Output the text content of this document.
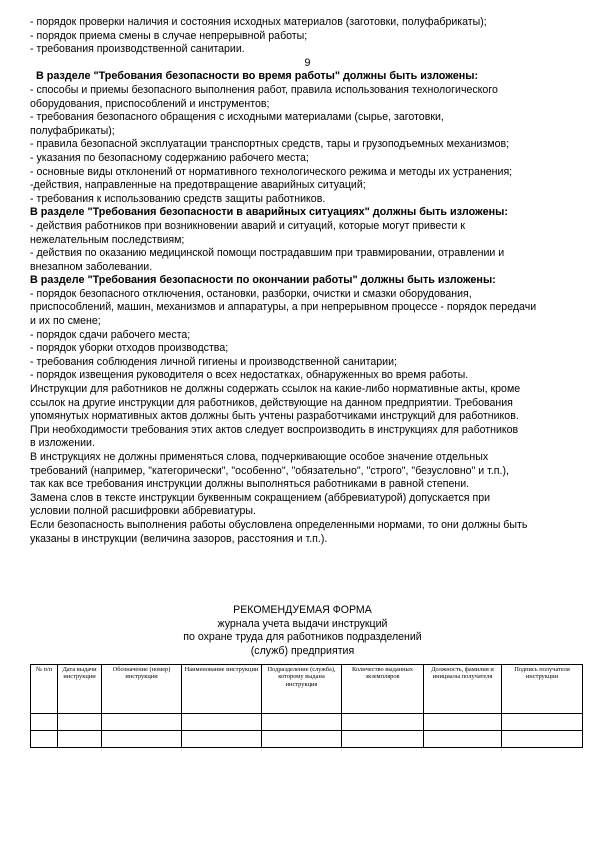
- порядок проверки наличия и состояния исходных материалов (заготовки, полуфабрикаты);
- порядок приема смены в случае непрерывной работы;
- требования производственной санитарии.
9
В разделе "Требования безопасности во время работы" должны быть изложены:
- способы и приемы безопасного выполнения работ, правила использования технологического
оборудования, приспособлений и инструментов;
- требования безопасного обращения с исходными материалами (сырье, заготовки,
полуфабрикаты);
- правила безопасной эксплуатации транспортных средств, тары и грузоподъемных механизмов;
- указания по безопасному содержанию рабочего места;
- основные виды отклонений от нормативного технологического режима и методы их устранения;
-действия, направленные на предотвращение аварийных ситуаций;
- требования к использованию средств защиты работников.
В разделе "Требования безопасности в аварийных ситуациях" должны быть изложены:
- действия работников при возникновении аварий и ситуаций, которые могут привести к
нежелательным последствиям;
- действия по оказанию медицинской помощи пострадавшим при травмировании, отравлении и
внезапном заболевании.
В разделе "Требования безопасности по окончании работы" должны быть изложены:
- порядок безопасного отключения, остановки, разборки, очистки и смазки оборудования,
приспособлений, машин, механизмов и аппаратуры, а при непрерывном процессе - порядок передачи
и их по смене;
- порядок сдачи рабочего места;
- порядок уборки отходов производства;
- требования соблюдения личной гигиены и производственной санитарии;
- порядок извещения руководителя о всех недостатках, обнаруженных во время работы.
Инструкции для работников не должны содержать ссылок на какие-либо нормативные акты, кроме
ссылок на другие инструкции для работников, действующие на данном предприятии. Требования
упомянутых нормативных актов должны быть учтены разработчиками инструкций для работников.
При необходимости требования этих актов следует воспроизводить в инструкциях для работников
в изложении.
В инструкциях не должны применяться слова, подчеркивающие особое значение отдельных
требований (например, "категорически", "особенно", "обязательно", "строго", "безусловно" и т.п.),
так как все требования инструкции должны выполняться работниками в равной степени.
Замена слов в тексте инструкции буквенным сокращением (аббревиатурой) допускается при
условии полной расшифровки аббревиатуры.
Если безопасность выполнения работы обусловлена определенными нормами, то они должны быть
указаны в инструкции (величина зазоров, расстояния и т.п.).
РЕКОМЕНДУЕМАЯ ФОРМА
журнала учета выдачи инструкций
по охране труда для работников подразделений
(служб) предприятия
№ п/п	Дата выдачи инструкции	Обозначение (номер) инструкции	Наименование инструкции	Подразделение (служба), которому выдана инструкция	Количество выданных экземпляров	Должность, фамилия и инициалы получателя	Подпись получателя инструкции
